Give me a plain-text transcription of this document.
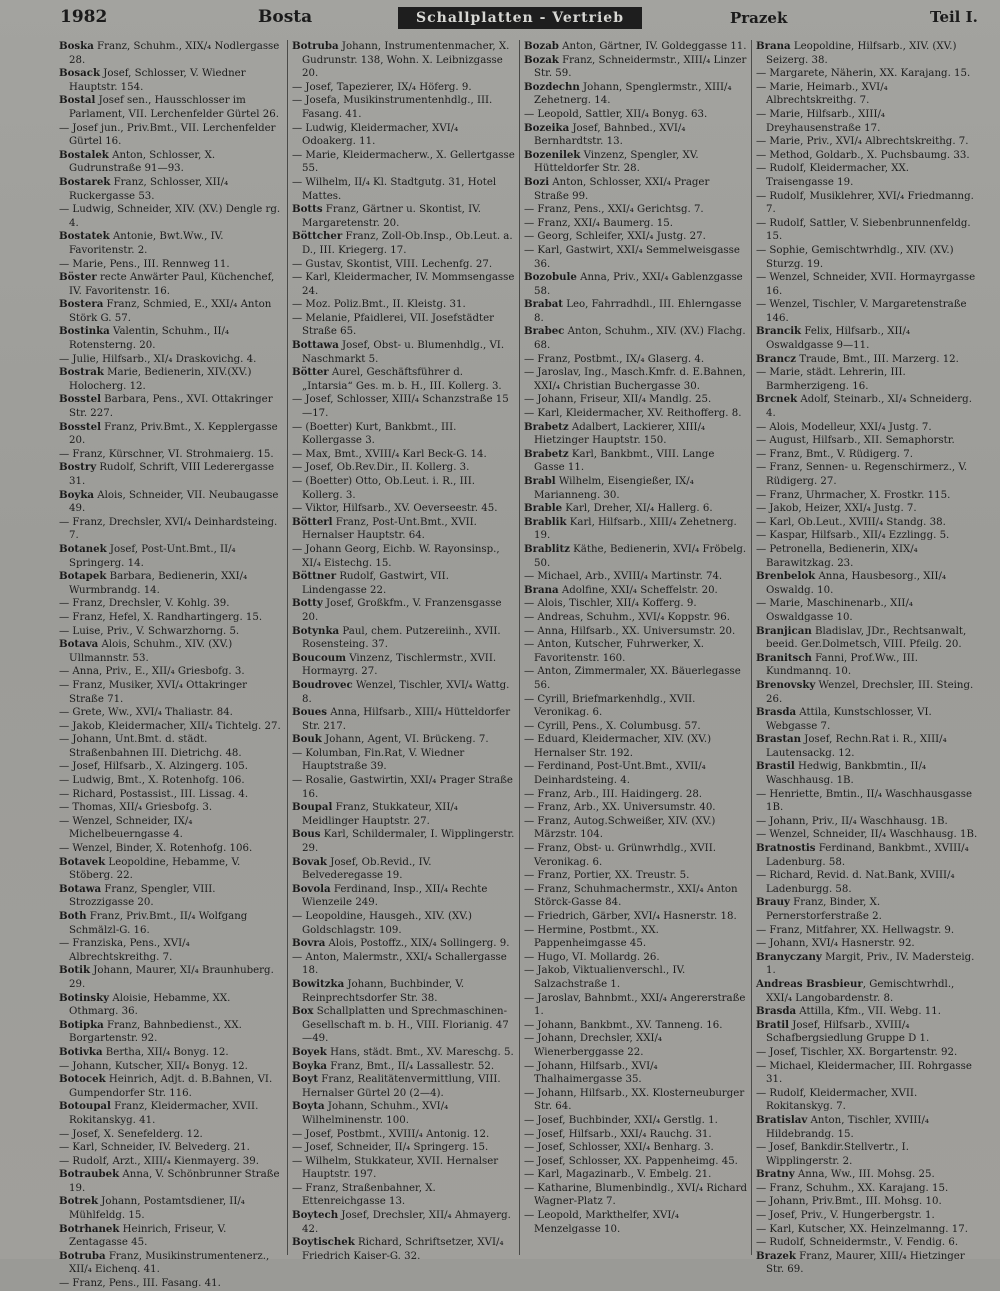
1982	Bosta	Schallplatten - Vertrieb	Prazek	Teil I.

Boska Franz, Schuhm., XIX/₄ Nodlergasse 28.

Bosack Josef, Schlosser, V. Wiedner Hauptstr. 154.

Bostal Josef sen., Hausschlosser im Parlament, VII. Lerchenfelder Gürtel 26.

— Josef jun., Priv.Bmt., VII. Lerchenfelder Gürtel 16.

Bostalek Anton, Schlosser, X. Gudrunstraße 91—93.

Bostarek Franz, Schlosser, XII/₄ Ruckergasse 53.

— Ludwig, Schneider, XIV. (XV.) Dengle rg. 4.

Bostatek Antonie, Bwt.Ww., IV. Favoritenstr. 2.

— Marie, Pens., III. Rennweg 11.

Böster recte Anwärter Paul, Küchenchef, IV. Favoritenstr. 16.

Bostera Franz, Schmied, E., XXI/₄ Anton Störk G. 57.

Bostinka Valentin, Schuhm., II/₄ Rotensterng. 20.

— Julie, Hilfsarb., XI/₄ Draskovichg. 4.

Bostrak Marie, Bedienerin, XIV.(XV.) Holocherg. 12.

Bosstel Barbara, Pens., XVI. Ottakringer Str. 227.

Bosstel Franz, Priv.Bmt., X. Kepplergasse 20.

— Franz, Kürschner, VI. Strohmaierg. 15.

Bostry Rudolf, Schrift, VIII Lederergasse 31.

Boyka Alois, Schneider, VII. Neubaugasse 49.

— Franz, Drechsler, XVI/₄ Deinhardsteing. 7.

Botanek Josef, Post-Unt.Bmt., II/₄ Springerg. 14.

Botapek Barbara, Bedienerin, XXI/₄ Wurmbrandg. 14.

— Franz, Drechsler, V. Kohlg. 39.

— Franz, Hefel, X. Randhartingerg. 15.

— Luise, Priv., V. Schwarzhorng. 5.

Botava Alois, Schuhm., XIV. (XV.) Ullmannstr. 53.

— Anna, Priv., E., XII/₄ Griesbofg. 3.

— Franz, Musiker, XVI/₄ Ottakringer Straße 71.

— Grete, Ww., XVI/₄ Thaliastr. 84.

— Jakob, Kleidermacher, XII/₄ Tichtelg. 27.

— Johann, Unt.Bmt. d. städt. Straßenbahnen III. Dietrichg. 48.

— Josef, Hilfsarb., X. Alzingerg. 105.

— Ludwig, Bmt., X. Rotenhofg. 106.

— Richard, Postassist., III. Lissag. 4.

— Thomas, XII/₄ Griesbofg. 3.

— Wenzel, Schneider, IX/₄ Michelbeuerngasse 4.

— Wenzel, Binder, X. Rotenhofg. 106.

Botavek Leopoldine, Hebamme, V. Stöberg. 22.

Botawa Franz, Spengler, VIII. Strozzigasse 20.

Both Franz, Priv.Bmt., II/₄ Wolfgang Schmälzl-G. 16.

— Franziska, Pens., XVI/₄ Albrechtskreithg. 7.

Botik Johann, Maurer, XI/₄ Braunhuberg. 29.

Botinsky Aloisie, Hebamme, XX. Othmarg. 36.

Botipka Franz, Bahnbedienst., XX. Borgartenstr. 92.

Botivka Bertha, XII/₄ Bonyg. 12.

— Johann, Kutscher, XII/₄ Bonyg. 12.

Botocek Heinrich, Adjt. d. B.Bahnen, VI. Gumpendorfer Str. 116.

Botoupal Franz, Kleidermacher, XVII. Rokitanskyg. 41.

— Josef, X. Senefelderg. 12.

— Karl, Schneider, IV. Belvederg. 21.

— Rudolf, Arzt., XIII/₄ Kienmayerg. 39.

Botraubek Anna, V. Schönbrunner Straße 19.

Botrek Johann, Postamtsdiener, II/₄ Mühlfeldg. 15.

Botrhanek Heinrich, Friseur, V. Zentagasse 45.

Botruba Franz, Musikinstrumentenerz., XII/₄ Eichenq. 41.

— Franz, Pens., III. Fasang. 41.

Botruba Johann, Instrumentenmacher, X. Gudrunstr. 138, Wohn. X. Leibnizgasse 20.

— Josef, Tapezierer, IX/₄ Höferg. 9.

— Josefa, Musikinstrumentenhdlg., III. Fasang. 41.

— Ludwig, Kleidermacher, XVI/₄ Odoakerg. 11.

— Marie, Kleidermacherw., X. Gellertgasse 55.

— Wilhelm, II/₄ Kl. Stadtgutg. 31, Hotel Mattes.

Botts Franz, Gärtner u. Skontist, IV. Margaretenstr. 20.

Böttcher Franz, Zoll-Ob.Insp., Ob.Leut. a. D., III. Kriegerg. 17.

— Gustav, Skontist, VIII. Lechenfg. 27.

— Karl, Kleidermacher, IV. Mommsengasse 24.

— Moz. Poliz.Bmt., II. Kleistg. 31.

— Melanie, Pfaidlerei, VII. Josefstädter Straße 65.

Bottawa Josef, Obst- u. Blumenhdlg., VI. Naschmarkt 5.

Bötter Aurel, Geschäftsführer d. „Intarsia“ Ges. m. b. H., III. Kollerg. 3.

— Josef, Schlosser, XIII/₄ Schanzstraße 15—17.

— (Boetter) Kurt, Bankbmt., III. Kollergasse 3.

— Max, Bmt., XVIII/₄ Karl Beck-G. 14.

— Josef, Ob.Rev.Dir., II. Kollerg. 3.

— (Boetter) Otto, Ob.Leut. i. R., III. Kollerg. 3.

— Viktor, Hilfsarb., XV. Oeverseestr. 45.

Bötterl Franz, Post-Unt.Bmt., XVII. Hernalser Hauptstr. 64.

— Johann Georg, Eichb. W. Rayonsinsp., XI/₄ Eistechg. 15.

Böttner Rudolf, Gastwirt, VII. Lindengasse 22.

Botty Josef, Großkfm., V. Franzensgasse 20.

Botynka Paul, chem. Putzereiinh., XVII. Rosensteing. 37.

Boucoum Vinzenz, Tischlermstr., XVII. Hormayrg. 27.

Boudrovec Wenzel, Tischler, XVI/₄ Wattg. 8.

Boues Anna, Hilfsarb., XIII/₄ Hütteldorfer Str. 217.

Bouk Johann, Agent, VI. Brückeng. 7.

— Kolumban, Fin.Rat, V. Wiedner Hauptstraße 39.

— Rosalie, Gastwirtin, XXI/₄ Prager Straße 16.

Boupal Franz, Stukkateur, XII/₄ Meidlinger Hauptstr. 27.

Bous Karl, Schildermaler, I. Wipplingerstr. 29.

Bovak Josef, Ob.Revid., IV. Belvederegasse 19.

Bovola Ferdinand, Insp., XII/₄ Rechte Wienzeile 249.

— Leopoldine, Hausgeh., XIV. (XV.) Goldschlagstr. 109.

Bovra Alois, Postoffz., XIX/₄ Sollingerg. 9.

— Anton, Malermstr., XXI/₄ Schallergasse 18.

Bowitzka Johann, Buchbinder, V. Reinprechtsdorfer Str. 38.

Box Schallplatten und Sprechmaschinen-Gesellschaft m. b. H., VIII. Florianig. 47—49.

Boyek Hans, städt. Bmt., XV. Mareschg. 5.

Boyka Franz, Bmt., II/₄ Lassallestr. 52.

Boyt Franz, Realitätenvermittlung, VIII. Hernalser Gürtel 20 (2—4).

Boyta Johann, Schuhm., XVI/₄ Wilhelminenstr. 100.

— Josef, Postbmt., XVIII/₄ Antonig. 12.

— Josef, Schneider, II/₄ Springerg. 15.

— Wilhelm, Stukkateur, XVII. Hernalser Hauptstr. 197.

— Franz, Straßenbahner, X. Ettenreichgasse 13.

Boytech Josef, Drechsler, XII/₄ Ahmayerg. 42.

Boytischek Richard, Schriftsetzer, XVI/₄ Friedrich Kaiser-G. 32.

Bozab Anton, Gärtner, IV. Goldeggasse 11.

Bozak Franz, Schneidermstr., XIII/₄ Linzer Str. 59.

Bozdechn Johann, Spenglermstr., XIII/₄ Zehetnerg. 14.

— Leopold, Sattler, XII/₄ Bonyg. 63.

Bozeika Josef, Bahnbed., XVI/₄ Bernhardtstr. 13.

Bozenilek Vinzenz, Spengler, XV. Hütteldorfer Str. 28.

Bozi Anton, Schlosser, XXI/₄ Prager Straße 99.

— Franz, Pens., XXI/₄ Gerichtsg. 7.

— Franz, XXI/₄ Baumerg. 15.

— Georg, Schleifer, XXI/₄ Justg. 27.

— Karl, Gastwirt, XXI/₄ Semmelweisgasse 36.

Bozobule Anna, Priv., XXI/₄ Gablenzgasse 58.

Brabat Leo, Fahrradhdl., III. Ehlerngasse 8.

Brabec Anton, Schuhm., XIV. (XV.) Flachg. 68.

— Franz, Postbmt., IX/₄ Glaserg. 4.

— Jaroslav, Ing., Masch.Kmfr. d. E.Bahnen, XXI/₄ Christian Buchergasse 30.

— Johann, Friseur, XII/₄ Mandlg. 25.

— Karl, Kleidermacher, XV. Reithofferg. 8.

Brabetz Adalbert, Lackierer, XIII/₄ Hietzinger Hauptstr. 150.

Brabetz Karl, Bankbmt., VIII. Lange Gasse 11.

Brabl Wilhelm, Eisengießer, IX/₄ Marianneng. 30.

Brable Karl, Dreher, XI/₄ Hallerg. 6.

Brablik Karl, Hilfsarb., XIII/₄ Zehetnerg. 19.

Brablitz Käthe, Bedienerin, XVI/₄ Fröbelg. 50.

— Michael, Arb., XVIII/₄ Martinstr. 74.

Brana Adolfine, XXI/₄ Scheffelstr. 20.

— Alois, Tischler, XII/₄ Kofferg. 9.

— Andreas, Schuhm., XVI/₄ Koppstr. 96.

— Anna, Hilfsarb., XX. Universumstr. 20.

— Anton, Kutscher, Fuhrwerker, X. Favoritenstr. 160.

— Anton, Zimmermaler, XX. Bäuerlegasse 56.

— Cyrill, Briefmarkenhdlg., XVII. Veronikag. 6.

— Cyrill, Pens., X. Columbusg. 57.

— Eduard, Kleidermacher, XIV. (XV.) Hernalser Str. 192.

— Ferdinand, Post-Unt.Bmt., XVII/₄ Deinhardsteing. 4.

— Franz, Arb., III. Haidingerg. 28.

— Franz, Arb., XX. Universumstr. 40.

— Franz, Autog.Schweißer, XIV. (XV.) Märzstr. 104.

— Franz, Obst- u. Grünwrhdlg., XVII. Veronikag. 6.

— Franz, Portier, XX. Treustr. 5.

— Franz, Schuhmachermstr., XXI/₄ Anton Störck-Gasse 84.

— Friedrich, Gärber, XVI/₄ Hasnerstr. 18.

— Hermine, Postbmt., XX. Pappenheimgasse 45.

— Hugo, VI. Mollardg. 26.

— Jakob, Viktualienverschl., IV. Salzachstraße 1.

— Jaroslav, Bahnbmt., XXI/₄ Angererstraße 1.

— Johann, Bankbmt., XV. Tanneng. 16.

— Johann, Drechsler, XXI/₄ Wienerberggasse 22.

— Johann, Hilfsarb., XVI/₄ Thalhaimergasse 35.

— Johann, Hilfsarb., XX. Klosterneuburger Str. 64.

— Josef, Buchbinder, XXI/₄ Gerstlg. 1.

— Josef, Hilfsarb., XXI/₄ Rauchg. 31.

— Josef, Schlosser, XXI/₄ Benharg. 3.

— Josef, Schlosser, XX. Pappenheimg. 45.

— Karl, Magazinarb., V. Embelg. 21.

— Katharine, Blumenbindlg., XVI/₄ Richard Wagner-Platz 7.

— Leopold, Markthelfer, XVI/₄ Menzelgasse 10.

Brana Leopoldine, Hilfsarb., XIV. (XV.) Seizerg. 38.

— Margarete, Näherin, XX. Karajang. 15.

— Marie, Heimarb., XVI/₄ Albrechtskreithg. 7.

— Marie, Hilfsarb., XIII/₄ Dreyhausenstraße 17.

— Marie, Priv., XVI/₄ Albrechtskreithg. 7.

— Method, Goldarb., X. Puchsbaumg. 33.

— Rudolf, Kleidermacher, XX. Traisengasse 19.

— Rudolf, Musiklehrer, XVI/₄ Friedmanng. 7.

— Rudolf, Sattler, V. Siebenbrunnenfeldg. 15.

— Sophie, Gemischtwrhdlg., XIV. (XV.) Sturzg. 19.

— Wenzel, Schneider, XVII. Hormayrgasse 16.

— Wenzel, Tischler, V. Margaretenstraße 146.

Brancik Felix, Hilfsarb., XII/₄ Oswaldgasse 9—11.

Brancz Traude, Bmt., III. Marzerg. 12.

— Marie, städt. Lehrerin, III. Barmherzigeng. 16.

Brcnek Adolf, Steinarb., XI/₄ Schneiderg. 4.

— Alois, Modelleur, XXI/₄ Justg. 7.

— August, Hilfsarb., XII. Semaphorstr.

— Franz, Bmt., V. Rüdigerg. 7.

— Franz, Sennen- u. Regenschirmerz., V. Rüdigerg. 27.

— Franz, Uhrmacher, X. Frostkr. 115.

— Jakob, Heizer, XXI/₄ Justg. 7.

— Karl, Ob.Leut., XVIII/₄ Standg. 38.

— Kaspar, Hilfsarb., XII/₄ Ezzlingg. 5.

— Petronella, Bedienerin, XIX/₄ Barawitzkag. 23.

Brenbelok Anna, Hausbesorg., XII/₄ Oswaldg. 10.

— Marie, Maschinenarb., XII/₄ Oswaldgasse 10.

Branjican Bladislav, JDr., Rechtsanwalt, beeid. Ger.Dolmetsch, VIII. Pfeilg. 20.

Branitsch Fanni, Prof.Ww., III. Kundmannq. 10.

Brenovsky Wenzel, Drechsler, III. Steing. 26.

Brasda Attila, Kunstschlosser, VI. Webgasse 7.

Brastan Josef, Rechn.Rat i. R., XIII/₄ Lautensackg. 12.

Brastil Hedwig, Bankbmtin., II/₄ Waschhausg. 1B.

— Henriette, Bmtin., II/₄ Waschhausgasse 1B.

— Johann, Priv., II/₄ Waschhausg. 1B.

— Wenzel, Schneider, II/₄ Waschhausg. 1B.

Bratnostis Ferdinand, Bankbmt., XVIII/₄ Ladenburg. 58.

— Richard, Revid. d. Nat.Bank, XVIII/₄ Ladenburgg. 58.

Brauy Franz, Binder, X. Pernerstorferstraße 2.

— Franz, Mitfahrer, XX. Hellwagstr. 9.

— Johann, XVI/₄ Hasnerstr. 92.

Branyczany Margit, Priv., IV. Madersteig. 1.

Andreas Brasbieur, Gemischtwrhdl., XXI/₄ Langobardenstr. 8.

Brasda Attilla, Kfm., VII. Webg. 11.

Bratil Josef, Hilfsarb., XVIII/₄ Schafbergsiedlung Gruppe D 1.

— Josef, Tischler, XX. Borgartenstr. 92.

— Michael, Kleidermacher, III. Rohrgasse 31.

— Rudolf, Kleidermacher, XVII. Rokitanskyg. 7.

Bratislav Anton, Tischler, XVIII/₄ Hildebrandg. 15.

— Josef, Bankdir.Stellvertr., I. Wipplingerstr. 2.

Bratny Anna, Ww., III. Mohsg. 25.

— Franz, Schuhm., XX. Karajang. 15.

— Johann, Priv.Bmt., III. Mohsg. 10.

— Josef, Priv., V. Hungerbergstr. 1.

— Karl, Kutscher, XX. Heinzelmanng. 17.

— Rudolf, Schneidermstr., V. Fendig. 6.

Brazek Franz, Maurer, XIII/₄ Hietzinger Str. 69.
